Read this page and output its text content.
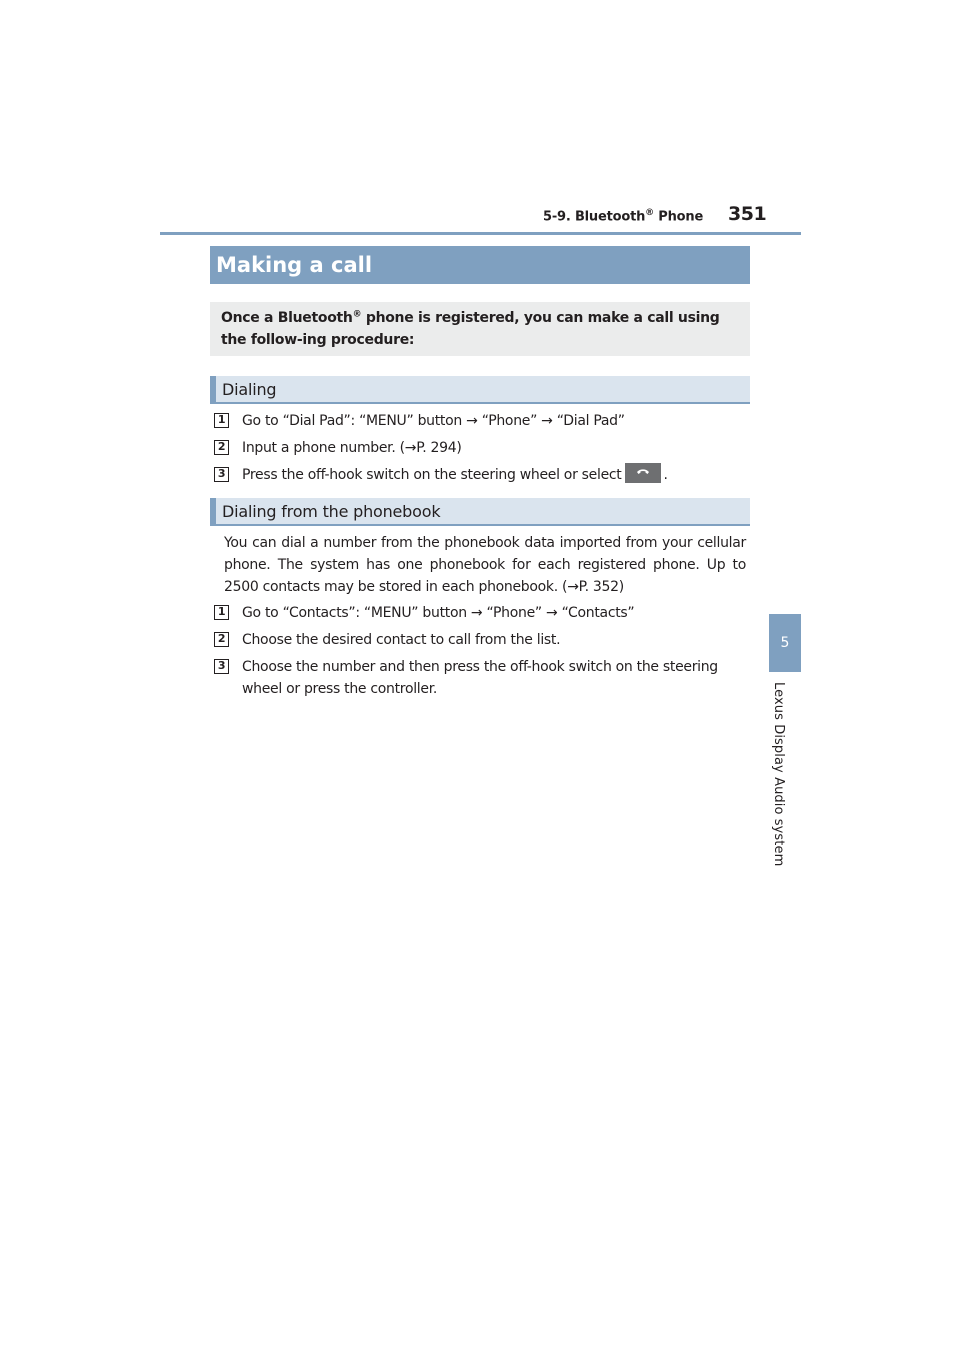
5-9. Bluetooth® Phone 351
5
Lexus Display Audio system
Making a call
Once a Bluetooth® phone is registered, you can make a call using the follow-ing procedure:
Dialing
1 Go to “Dial Pad”: “MENU” button → “Phone” → “Dial Pad”
2 Input a phone number. (→P. 294)
3 Press the off-hook switch on the steering wheel or select	.
Dialing from the phonebook
You can dial a number from the phonebook data imported from your cellular phone. The system has one phonebook for each registered phone. Up to 2500 contacts may be stored in each phonebook. (→P. 352)
1 Go to “Contacts”: “MENU” button → “Phone” → “Contacts”
2 Choose the desired contact to call from the list.
3 Choose the number and then press the off-hook switch on the steering wheel or press the controller.
